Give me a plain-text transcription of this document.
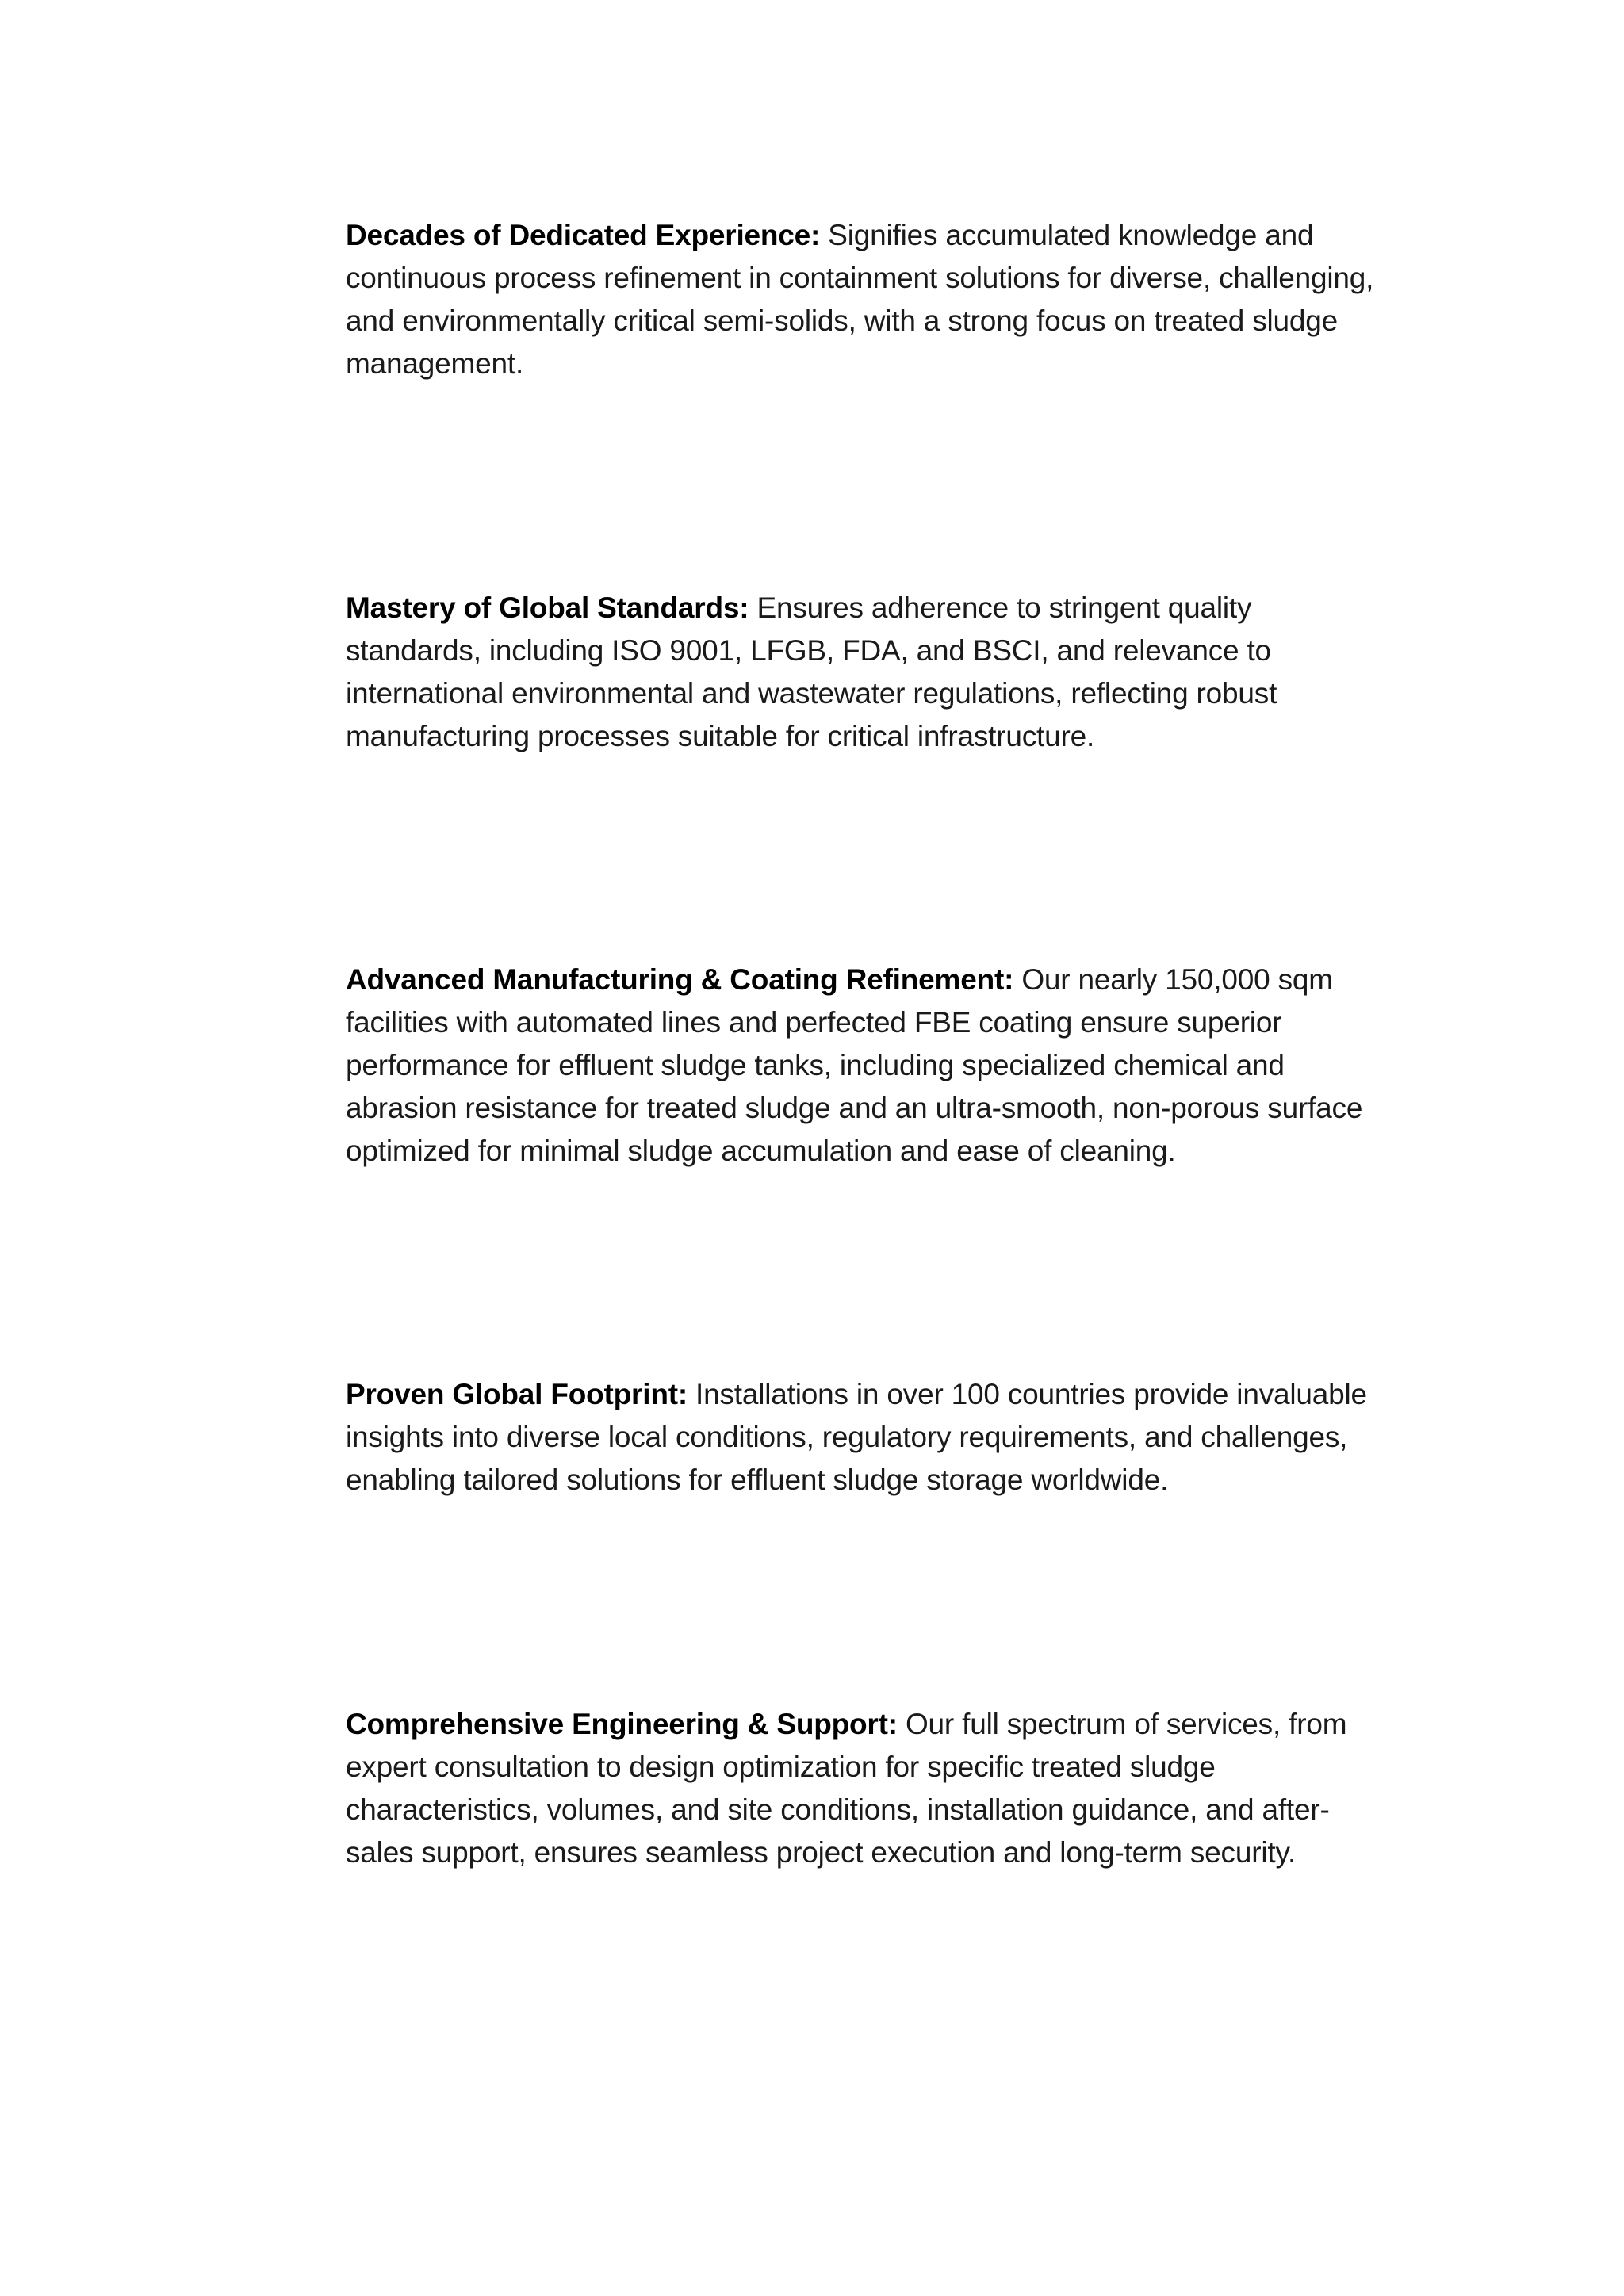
Decades of Dedicated Experience: Signifies accumulated knowledge and continuous process refinement in containment solutions for diverse, challenging, and environmentally critical semi-solids, with a strong focus on treated sludge management.

Mastery of Global Standards: Ensures adherence to stringent quality standards, including ISO 9001, LFGB, FDA, and BSCI, and relevance to international environmental and wastewater regulations, reflecting robust manufacturing processes suitable for critical infrastructure.

Advanced Manufacturing & Coating Refinement: Our nearly 150,000 sqm facilities with automated lines and perfected FBE coating ensure superior performance for effluent sludge tanks, including specialized chemical and abrasion resistance for treated sludge and an ultra-smooth, non-porous surface optimized for minimal sludge accumulation and ease of cleaning.

Proven Global Footprint: Installations in over 100 countries provide invaluable insights into diverse local conditions, regulatory requirements, and challenges, enabling tailored solutions for effluent sludge storage worldwide.

Comprehensive Engineering & Support: Our full spectrum of services, from expert consultation to design optimization for specific treated sludge characteristics, volumes, and site conditions, installation guidance, and after-sales support, ensures seamless project execution and long-term security.
